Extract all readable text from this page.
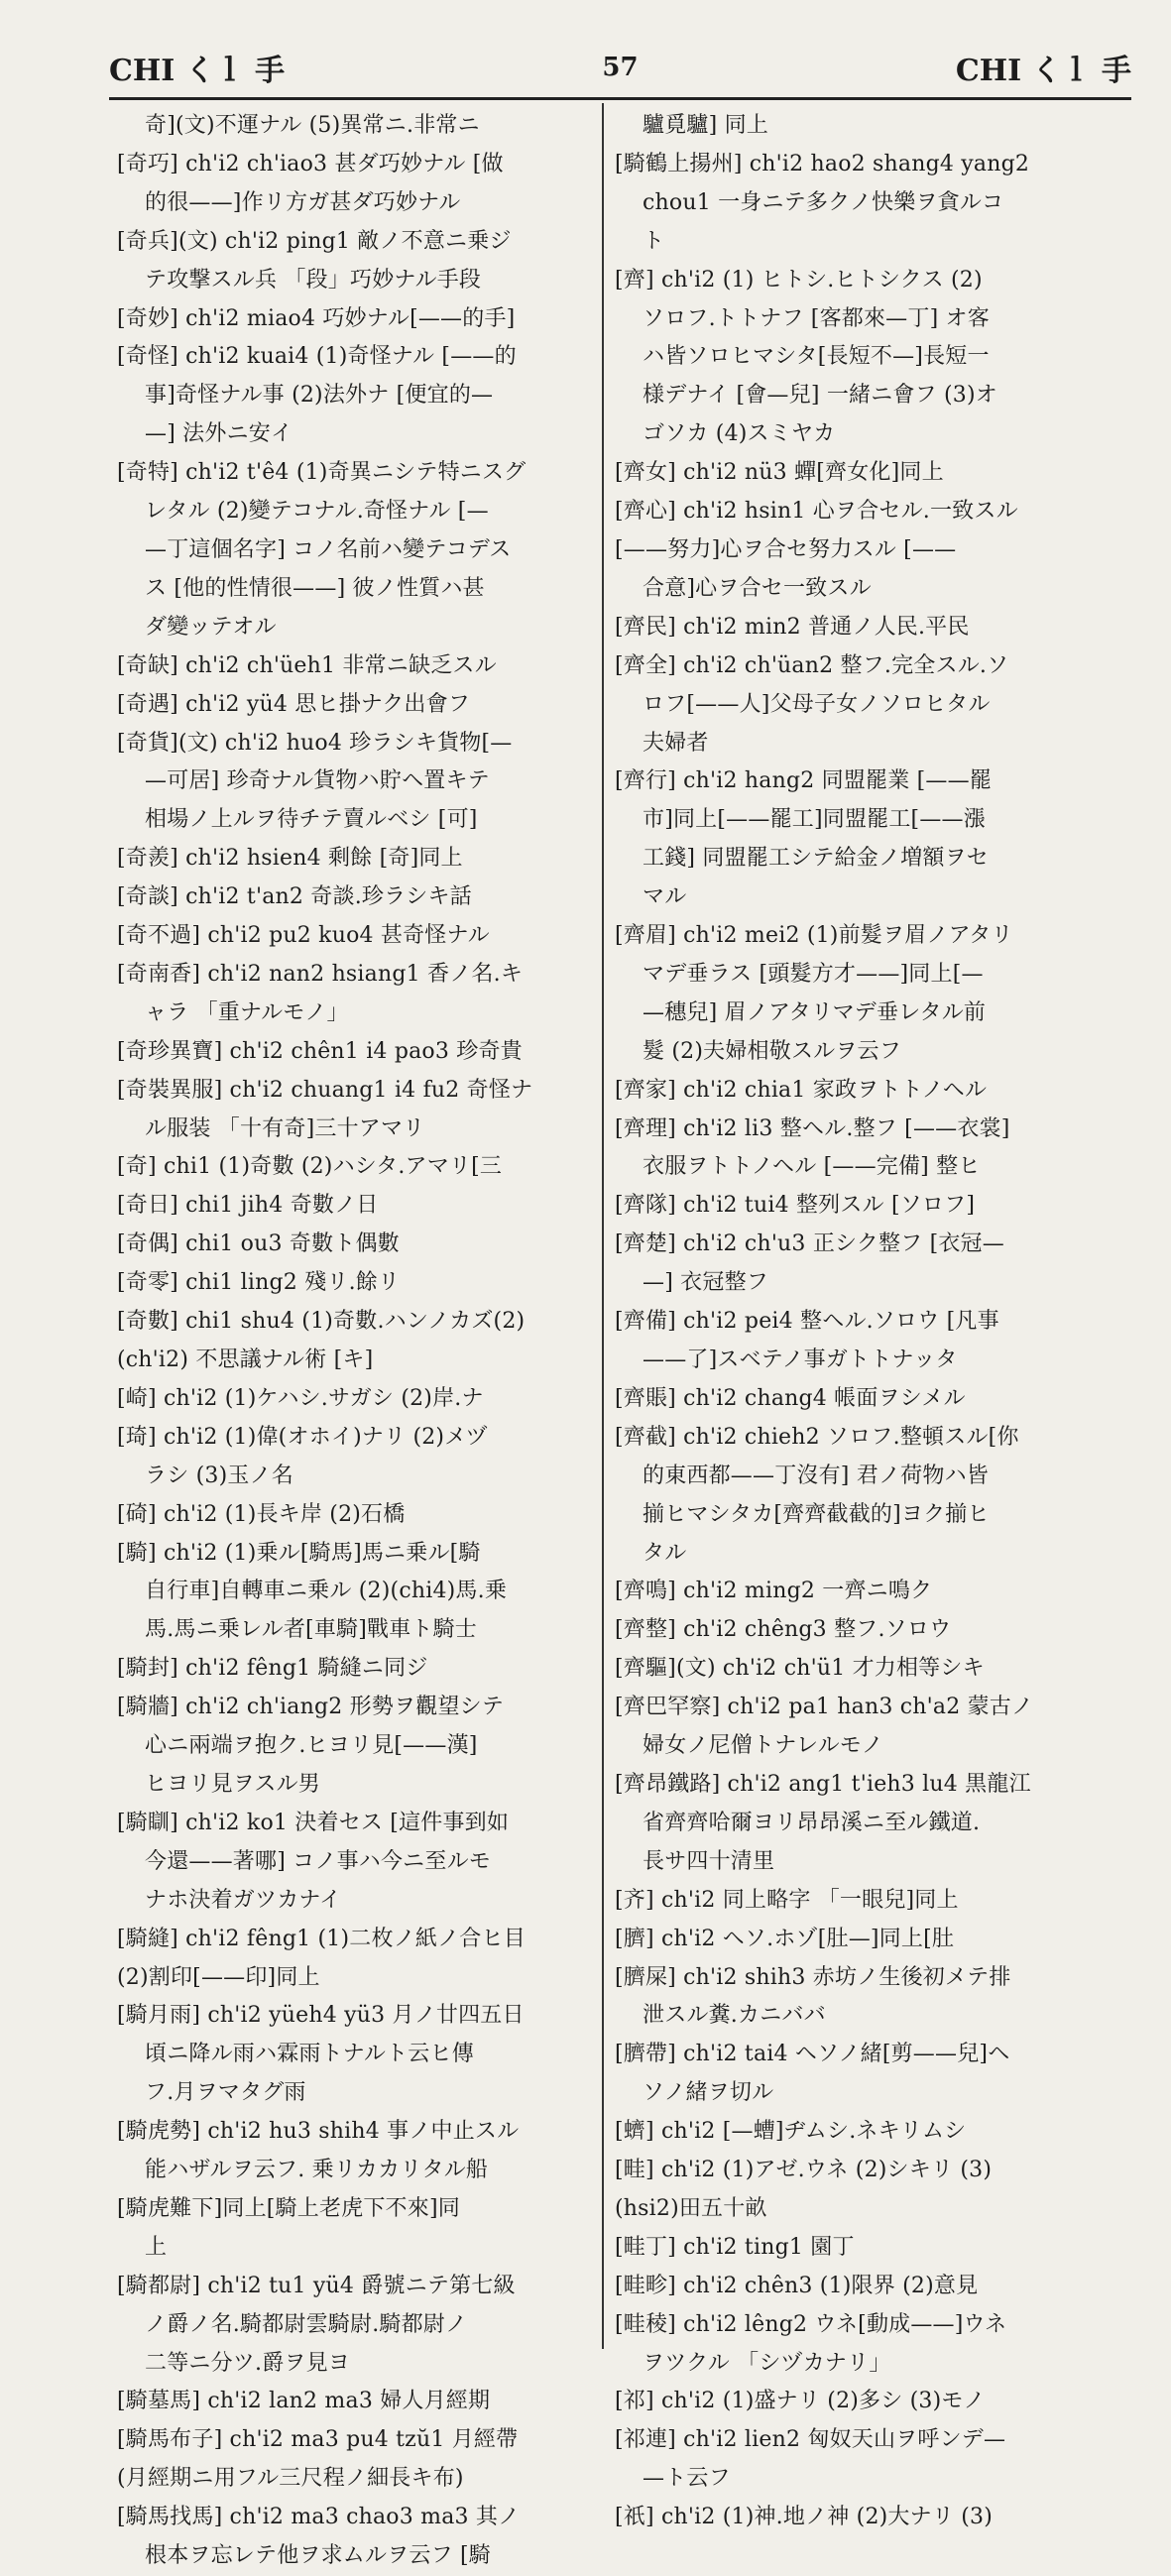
CHI くｌ 手	57	CHI くｌ 手
奇](文)不運ナル (5)異常ニ.非常ニ
[奇巧] ch'i2 ch'iao3 甚ダ巧妙ナル [做
的很——]作リ方ガ甚ダ巧妙ナル
[奇兵](文) ch'i2 ping1 敵ノ不意ニ乗ジ
テ攻撃スル兵 「段」巧妙ナル手段
[奇妙] ch'i2 miao4 巧妙ナル[——的手]
[奇怪] ch'i2 kuai4 (1)奇怪ナル [——的
事]奇怪ナル事 (2)法外ナ [便宜的—
—] 法外ニ安イ
[奇特] ch'i2 t'ê4 (1)奇異ニシテ特ニスグ
レタル (2)變テコナル.奇怪ナル [—
—丁這個名字] コノ名前ハ變テコデス
ス [他的性情很——] 彼ノ性質ハ甚
ダ變ッテオル
[奇缺] ch'i2 ch'üeh1 非常ニ缺乏スル
[奇遇] ch'i2 yü4 思ヒ掛ナク出會フ
[奇貨](文) ch'i2 huo4 珍ラシキ貨物[—
—可居] 珍奇ナル貨物ハ貯ヘ置キテ
相場ノ上ルヲ待チテ賣ルベシ [可]
[奇羨] ch'i2 hsien4 剩餘 [奇]同上
[奇談] ch'i2 t'an2 奇談.珍ラシキ話
[奇不過] ch'i2 pu2 kuo4 甚奇怪ナル
[奇南香] ch'i2 nan2 hsiang1 香ノ名.キ
ャラ 「重ナルモノ」
[奇珍異寶] ch'i2 chên1 i4 pao3 珍奇貴
[奇裝異服] ch'i2 chuang1 i4 fu2 奇怪ナ
ル服装 「十有奇]三十アマリ
[奇] chi1 (1)奇數 (2)ハシタ.アマリ[三
[奇日] chi1 jih4 奇數ノ日
[奇偶] chi1 ou3 奇數ト偶數
[奇零] chi1 ling2 殘リ.餘リ
[奇數] chi1 shu4 (1)奇數.ハンノカズ(2)
(ch'i2) 不思議ナル術 [キ]
[崎] ch'i2 (1)ケハシ.サガシ (2)岸.ナ
[琦] ch'i2 (1)偉(オホイ)ナリ (2)メヅ
ラシ (3)玉ノ名
[碕] ch'i2 (1)長キ岸 (2)石橋
[騎] ch'i2 (1)乗ル[騎馬]馬ニ乗ル[騎
自行車]自轉車ニ乗ル (2)(chi4)馬.乗
馬.馬ニ乗レル者[車騎]戰車ト騎士
[騎封] ch'i2 fêng1 騎縫ニ同ジ
[騎牆] ch'i2 ch'iang2 形勢ヲ觀望シテ
心ニ兩端ヲ抱ク.ヒヨリ見[——漢]
ヒヨリ見ヲスル男
[騎瞓] ch'i2 ko1 決着セス [這件事到如
今還——著哪] コノ事ハ今ニ至ルモ
ナホ決着ガツカナイ
[騎縫] ch'i2 fêng1 (1)二枚ノ紙ノ合ヒ目
(2)割印[——印]同上
[騎月雨] ch'i2 yüeh4 yü3 月ノ廿四五日
頃ニ降ル雨ハ霖雨トナルト云ヒ傳
フ.月ヲマタグ雨
[騎虎勢] ch'i2 hu3 shih4 事ノ中止スル
能ハザルヲ云フ. 乗リカカリタル船
[騎虎難下]同上[騎上老虎下不來]同
上
[騎都尉] ch'i2 tu1 yü4 爵號ニテ第七級
ノ爵ノ名.騎都尉雲騎尉.騎都尉ノ
二等ニ分ツ.爵ヲ見ヨ
[騎墓馬] ch'i2 lan2 ma3 婦人月經期
[騎馬布子] ch'i2 ma3 pu4 tzŭ1 月經帶
(月經期ニ用フル三尺程ノ細長キ布)
[騎馬找馬] ch'i2 ma3 chao3 ma3 其ノ
根本ヲ忘レテ他ヲ求ムルヲ云フ [騎
驢覓驢] 同上
[騎鶴上揚州] ch'i2 hao2 shang4 yang2
chou1 一身ニテ多クノ快樂ヲ貪ルコ
ト
[齊] ch'i2 (1) ヒトシ.ヒトシクス (2)
ソロフ.トトナフ [客都來—丁] オ客
ハ皆ソロヒマシタ[長短不—]長短一
様デナイ [會—兒] 一緒ニ會フ (3)オ
ゴソカ (4)スミヤカ
[齊女] ch'i2 nü3 蟬[齊女化]同上
[齊心] ch'i2 hsin1 心ヲ合セル.一致スル
[——努力]心ヲ合セ努力スル [——
合意]心ヲ合セ一致スル
[齊民] ch'i2 min2 普通ノ人民.平民
[齊全] ch'i2 ch'üan2 整フ.完全スル.ソ
ロフ[——人]父母子女ノソロヒタル
夫婦者
[齊行] ch'i2 hang2 同盟罷業 [——罷
市]同上[——罷工]同盟罷工[——漲
工錢] 同盟罷工シテ給金ノ増額ヲセ
マル
[齊眉] ch'i2 mei2 (1)前髮ヲ眉ノアタリ
マデ垂ラス [頭髮方才——]同上[—
—穗兒] 眉ノアタリマデ垂レタル前
髮 (2)夫婦相敬スルヲ云フ
[齊家] ch'i2 chia1 家政ヲトトノヘル
[齊理] ch'i2 li3 整ヘル.整フ [——衣裳]
衣服ヲトトノヘル [——完備] 整ヒ
[齊隊] ch'i2 tui4 整列スル [ソロフ]
[齊楚] ch'i2 ch'u3 正シク整フ [衣冠—
—] 衣冠整フ
[齊備] ch'i2 pei4 整ヘル.ソロウ [凡事
——了]スベテノ事ガトトナッタ
[齊賬] ch'i2 chang4 帳面ヲシメル
[齊截] ch'i2 chieh2 ソロフ.整頓スル[你
的東西都——丁沒有] 君ノ荷物ハ皆
揃ヒマシタカ[齊齊截截的]ヨク揃ヒ
タル
[齊鳴] ch'i2 ming2 一齊ニ鳴ク
[齊整] ch'i2 chêng3 整フ.ソロウ
[齊驅](文) ch'i2 ch'ü1 才力相等シキ
[齊巴罕察] ch'i2 pa1 han3 ch'a2 蒙古ノ
婦女ノ尼僧トナレルモノ
[齊昂鐵路] ch'i2 ang1 t'ieh3 lu4 黒龍江
省齊齊哈爾ヨリ昂昂溪ニ至ル鐵道.
長サ四十清里
[齐] ch'i2 同上略字 「一眼兒]同上
[臍] ch'i2 ヘソ.ホゾ[肚—]同上[肚
[臍屎] ch'i2 shih3 赤坊ノ生後初メテ排
泄スル糞.カニババ
[臍帶] ch'i2 tai4 ヘソノ緒[剪——兒]ヘ
ソノ緒ヲ切ル
[蠐] ch'i2 [—螬]ヂムシ.ネキリムシ
[畦] ch'i2 (1)アゼ.ウネ (2)シキリ (3)
(hsi2)田五十畝
[畦丁] ch'i2 ting1 園丁
[畦畛] ch'i2 chên3 (1)限界 (2)意見
[畦稜] ch'i2 lêng2 ウネ[動成——]ウネ
ヲツクル 「シヅカナリ」
[祁] ch'i2 (1)盛ナリ (2)多シ (3)モノ
[祁連] ch'i2 lien2 匈奴天山ヲ呼ンデ—
—ト云フ
[祇] ch'i2 (1)神.地ノ神 (2)大ナリ (3)
